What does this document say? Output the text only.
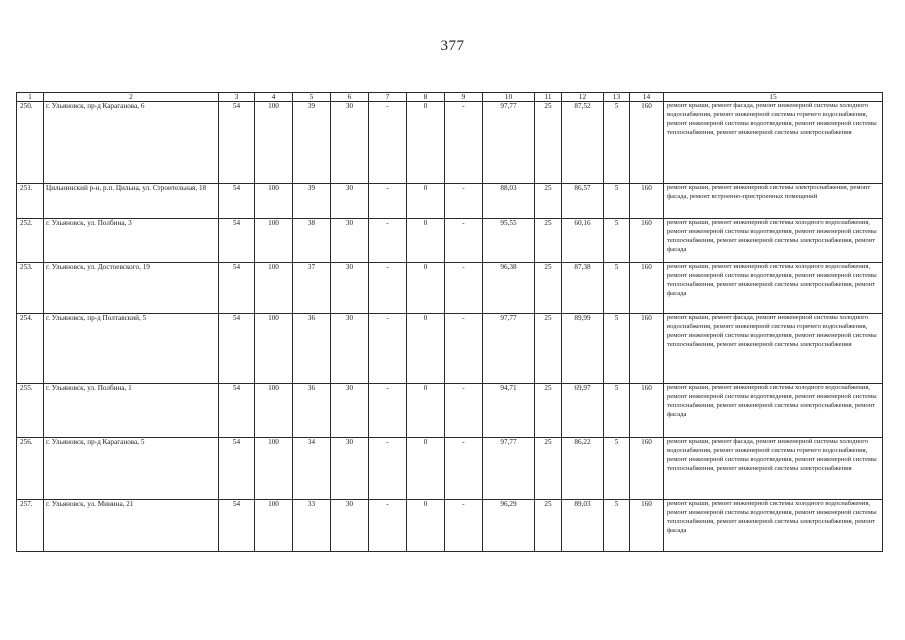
377
1	2	3	4	5	6	7	8	9	10	11	12	13	14	15
250.	г. Ульяновск, пр-д Караганова, 6	54	100	39	30	-	0	-	97,77	25	87,52	5	160	ремонт крыши, ремонт фасада, ремонт инженерной системы холодного водоснабжения, ремонт инженерной системы горячего водоснабжения, ремонт инженерной системы водоотведения, ремонт инженерной системы теплоснабжения, ремонт инженерной системы электроснабжения
251.	Цильнинский р-н, р.п. Цильна, ул. Строительная, 18	54	100	39	30	-	0	-	88,03	25	86,57	5	160	ремонт крыши, ремонт инженерной системы электроснабжения, ремонт фасада, ремонт встроенно-пристроенных помещений
252.	г. Ульяновск, ул. Полбина, 3	54	100	38	30	-	0	-	95,55	25	60,16	5	160	ремонт крыши, ремонт инженерной системы холодного водоснабжения, ремонт инженерной системы водоотведения, ремонт инженерной системы теплоснабжения, ремонт инженерной системы электроснабжения, ремонт фасада
253.	г. Ульяновск, ул. Достоевского, 19	54	100	37	30	-	0	-	96,38	25	87,38	5	160	ремонт крыши, ремонт инженерной системы холодного водоснабжения, ремонт инженерной системы водоотведения, ремонт инженерной системы теплоснабжения, ремонт инженерной системы электроснабжения, ремонт фасада
254.	г. Ульяновск, пр-д Полтавский, 5	54	100	36	30	-	0	-	97,77	25	89,99	5	160	ремонт крыши, ремонт фасада, ремонт инженерной системы холодного водоснабжения, ремонт инженерной системы горячего водоснабжения, ремонт инженерной системы водоотведения, ремонт инженерной системы теплоснабжения, ремонт инженерной системы электроснабжения
255.	г. Ульяновск, ул. Полбина, 1	54	100	36	30	-	0	-	94,71	25	69,97	5	160	ремонт крыши, ремонт инженерной системы холодного водоснабжения, ремонт инженерной системы водоотведения, ремонт инженерной системы теплоснабжения, ремонт инженерной системы электроснабжения, ремонт фасада
256.	г. Ульяновск, пр-д Караганова, 5	54	100	34	30	-	0	-	97,77	25	86,22	5	160	ремонт крыши, ремонт фасада, ремонт инженерной системы холодного водоснабжения, ремонт инженерной системы горячего водоснабжения, ремонт инженерной системы водоотведения, ремонт инженерной системы теплоснабжения, ремонт инженерной системы электроснабжения
257.	г. Ульяновск, ул. Минина, 21	54	100	33	30	-	0	-	96,29	25	89,03	5	160	ремонт крыши, ремонт инженерной системы холодного водоснабжения, ремонт инженерной системы водоотведения, ремонт инженерной системы теплоснабжения, ремонт инженерной системы электроснабжения, ремонт фасада
